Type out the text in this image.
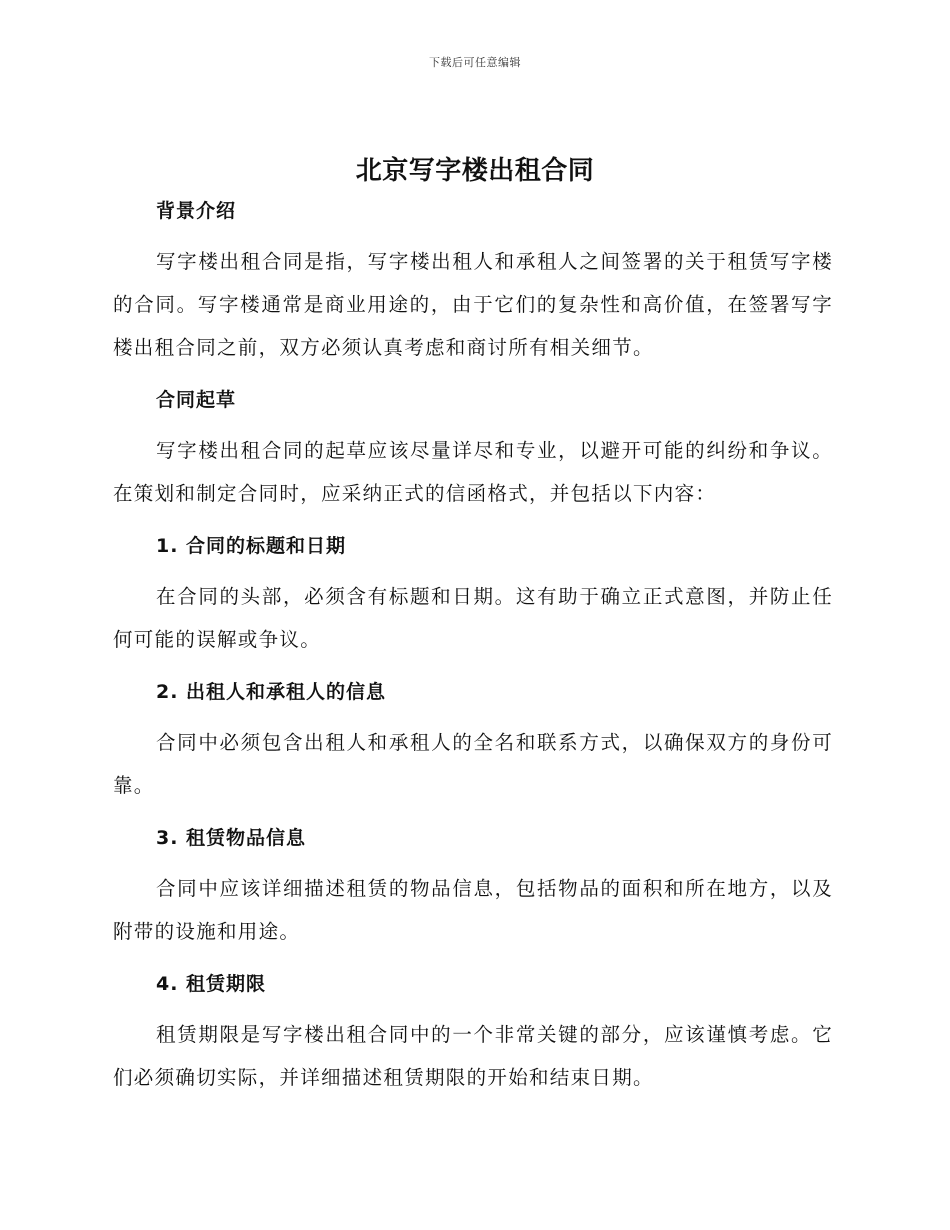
下载后可任意编辑
北京写字楼出租合同
背景介绍

写字楼出租合同是指，写字楼出租人和承租人之间签署的关于租赁写字楼的合同。写字楼通常是商业用途的，由于它们的复杂性和高价值，在签署写字楼出租合同之前，双方必须认真考虑和商讨所有相关细节。

合同起草

写字楼出租合同的起草应该尽量详尽和专业，以避开可能的纠纷和争议。在策划和制定合同时，应采纳正式的信函格式，并包括以下内容：

1. 合同的标题和日期

在合同的头部，必须含有标题和日期。这有助于确立正式意图，并防止任何可能的误解或争议。

2. 出租人和承租人的信息

合同中必须包含出租人和承租人的全名和联系方式，以确保双方的身份可靠。

3. 租赁物品信息

合同中应该详细描述租赁的物品信息，包括物品的面积和所在地方，以及附带的设施和用途。

4. 租赁期限

租赁期限是写字楼出租合同中的一个非常关键的部分，应该谨慎考虑。它们必须确切实际，并详细描述租赁期限的开始和结束日期。
